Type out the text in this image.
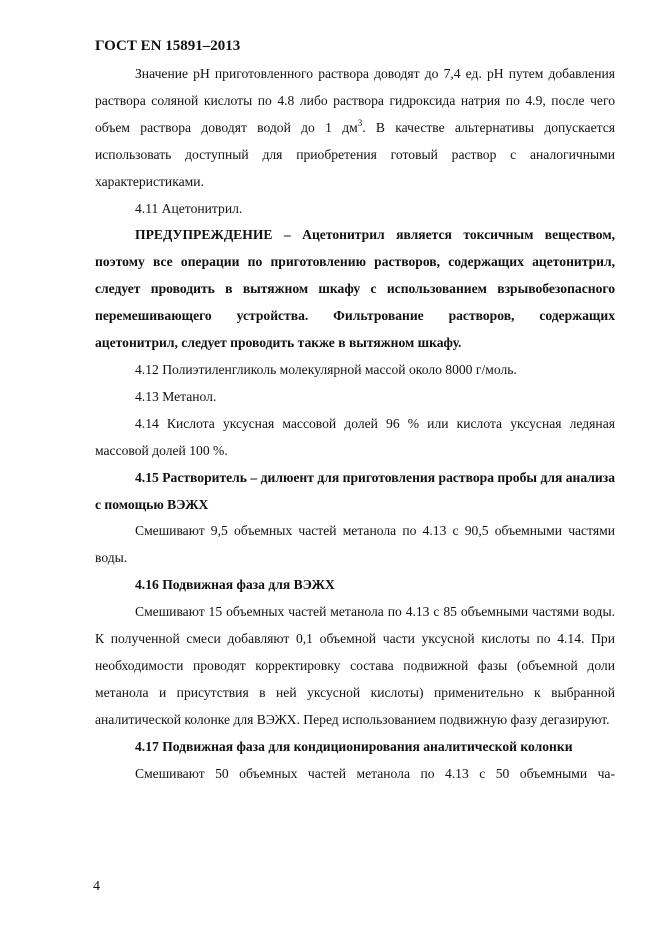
ГОСТ EN 15891–2013

Значение pH приготовленного раствора доводят до 7,4 ед. pH путем добавления раствора соляной кислоты по 4.8 либо раствора гидроксида натрия по 4.9, после чего объем раствора доводят водой до 1 $дм^3$. В качестве альтернативы допускается использовать доступный для приобретения готовый раствор с аналогичными характеристиками.

4.11 Ацетонитрил.

ПРЕДУПРЕЖДЕНИЕ – Ацетонитрил является токсичным веществом, поэтому все операции по приготовлению растворов, содержащих ацетонитрил, следует проводить в вытяжном шкафу с использованием взрывобезопасного перемешивающего устройства. Фильтрование растворов, содержащих ацетонитрил, следует проводить также в вытяжном шкафу.

4.12 Полиэтиленгликоль молекулярной массой около 8000 г/моль.

4.13 Метанол.

4.14 Кислота уксусная массовой долей 96 % или кислота уксусная ледяная массовой долей 100 %.

4.15 Растворитель – дилюент для приготовления раствора пробы для анализа с помощью ВЭЖХ

Смешивают 9,5 объемных частей метанола по 4.13 с 90,5 объемными частями воды.

4.16 Подвижная фаза для ВЭЖХ

Смешивают 15 объемных частей метанола по 4.13 с 85 объемными частями воды. К полученной смеси добавляют 0,1 объемной части уксусной кислоты по 4.14. При необходимости проводят корректировку состава подвижной фазы (объемной доли метанола и присутствия в ней уксусной кислоты) применительно к выбранной аналитической колонке для ВЭЖХ. Перед использованием подвижную фазу дегазируют.

4.17 Подвижная фаза для кондиционирования аналитической колонки

Смешивают 50 объемных частей метанола по 4.13 с 50 объемными ча-

4
